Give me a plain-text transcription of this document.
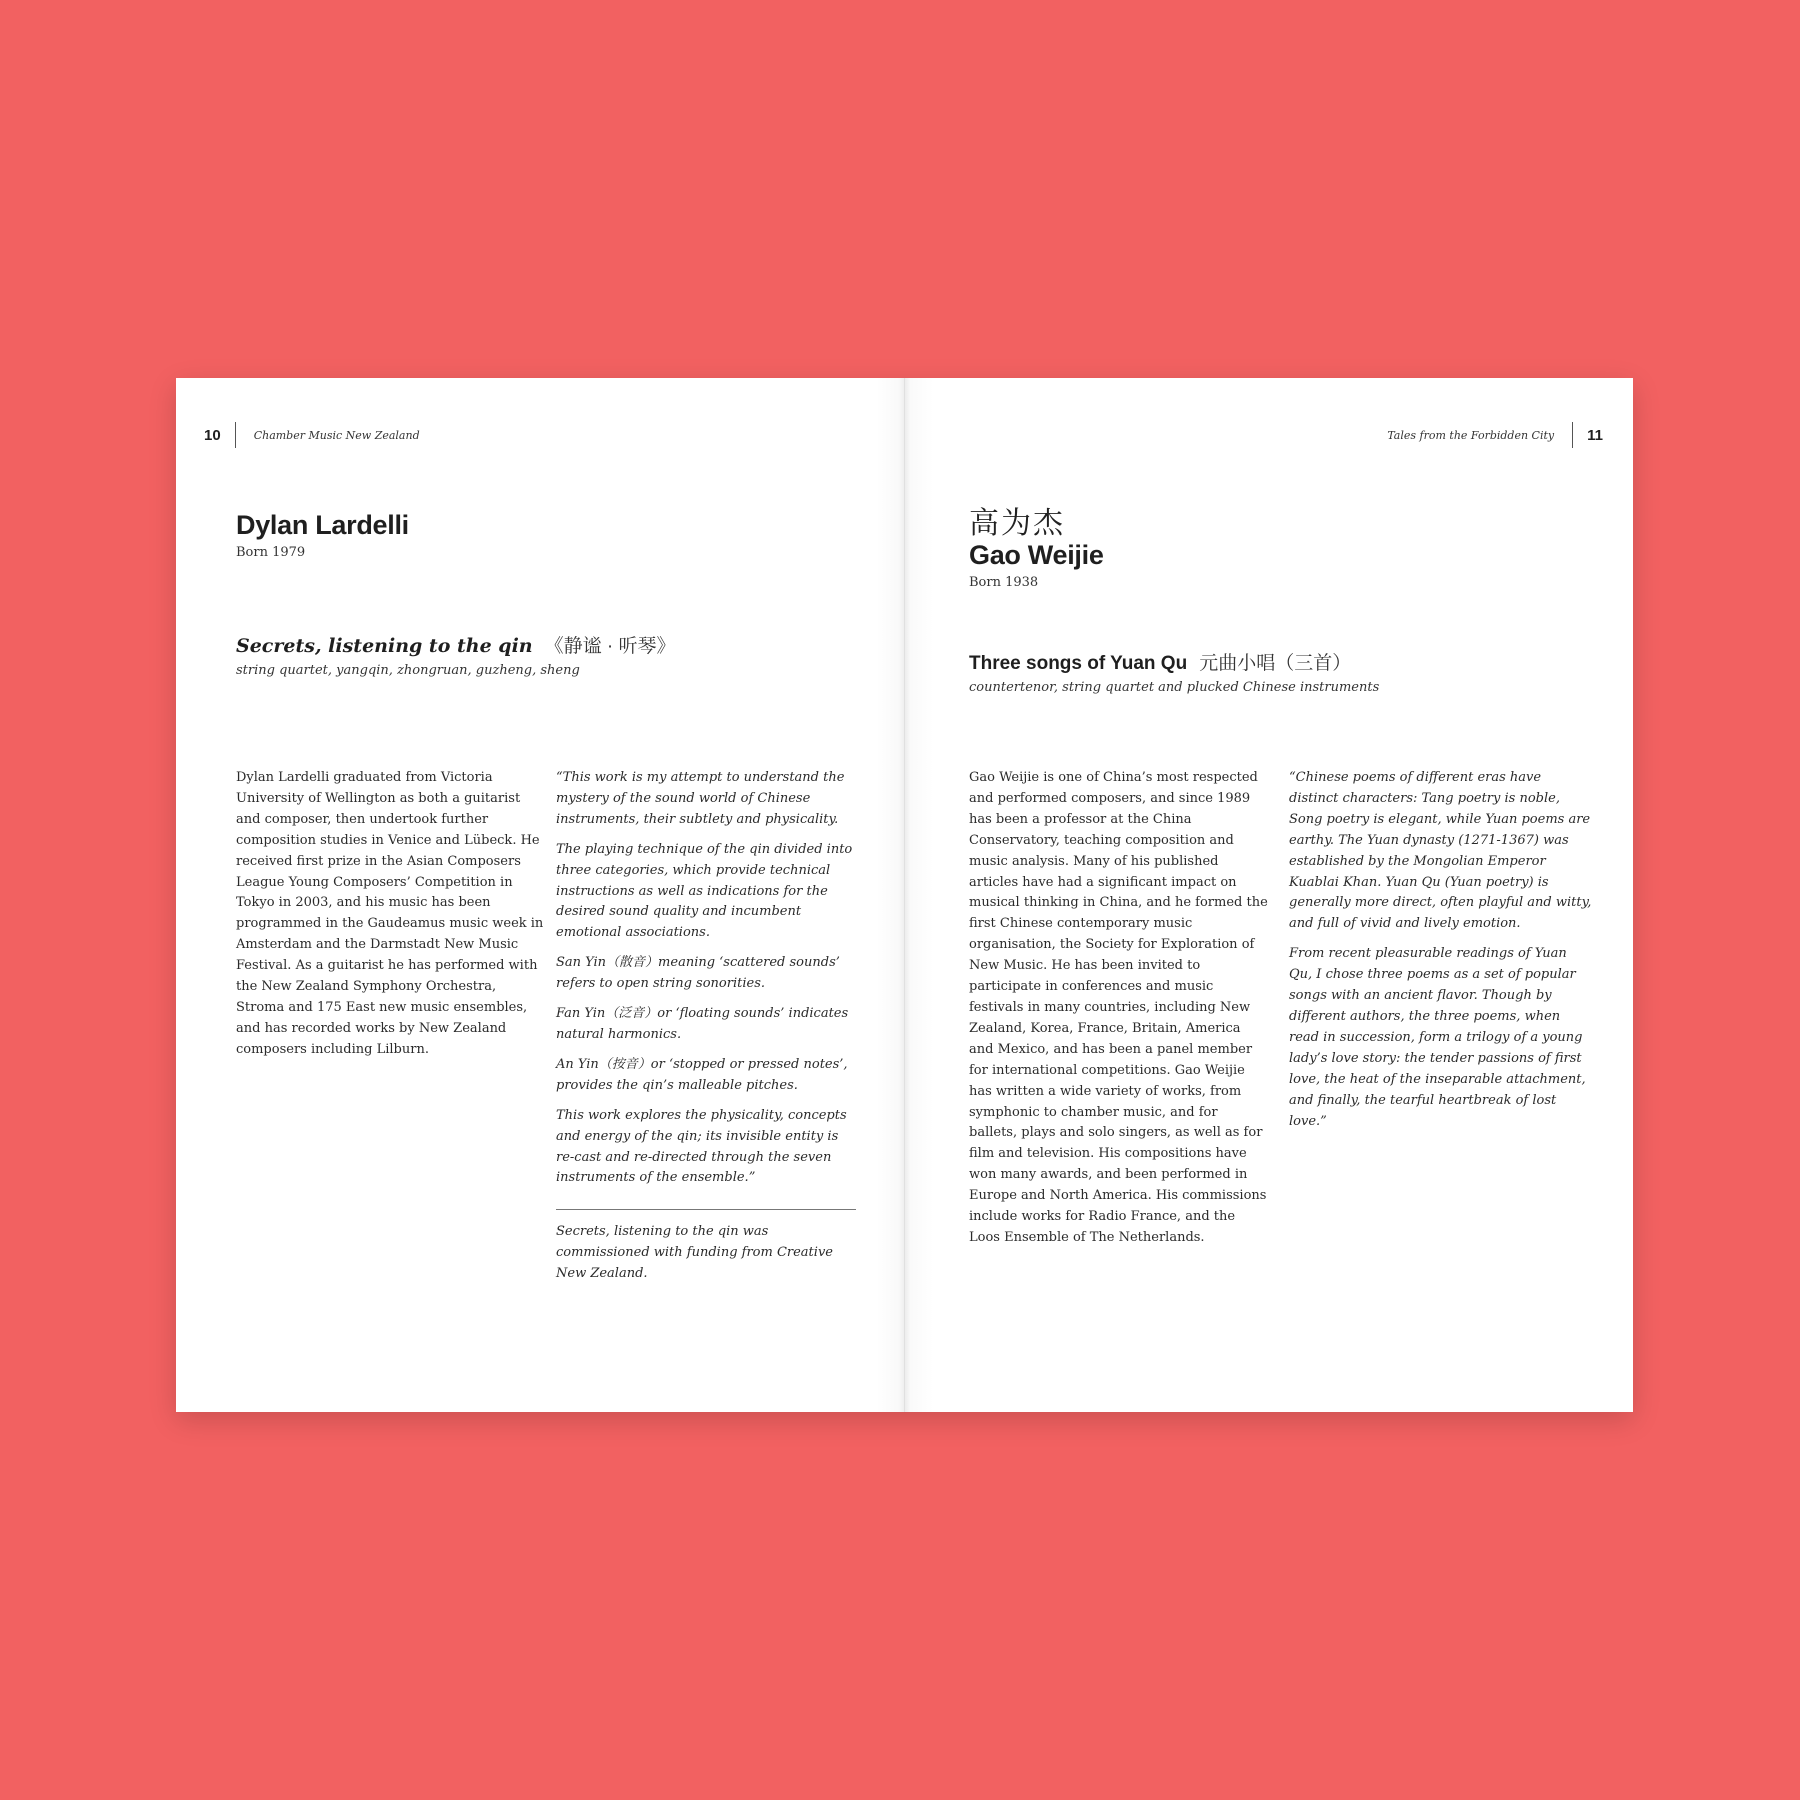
10	Chamber Music New Zealand
Dylan Lardelli
Born 1979
Secrets, listening to the qin 《静谧 · 听琴》
string quartet, yangqin, zhongruan, guzheng, sheng

Dylan Lardelli graduated from Victoria University of Wellington as both a guitarist and composer, then undertook further composition studies in Venice and Lübeck. He received first prize in the Asian Composers League Young Composers’ Competition in Tokyo in 2003, and his music has been programmed in the Gaudeamus music week in Amsterdam and the Darmstadt New Music Festival. As a guitarist he has performed with the New Zealand Symphony Orchestra, Stroma and 175 East new music ensembles, and has recorded works by New Zealand composers including Lilburn.

“This work is my attempt to understand the mystery of the sound world of Chinese instruments, their subtlety and physicality.

The playing technique of the qin divided into three categories, which provide technical instructions as well as indications for the desired sound quality and incumbent emotional associations.

San Yin（散音）meaning ‘scattered sounds’ refers to open string sonorities.

Fan Yin（泛音）or ‘floating sounds’ indicates natural harmonics.

An Yin（按音）or ‘stopped or pressed notes’, provides the qin’s malleable pitches.

This work explores the physicality, concepts and energy of the qin; its invisible entity is re-cast and re-directed through the seven instruments of the ensemble.”

Secrets, listening to the qin was commissioned with funding from Creative New Zealand.

Tales from the Forbidden City 11
高为杰
Gao Weijie
Born 1938
Three songs of Yuan Qu 元曲小唱（三首）
countertenor, string quartet and plucked Chinese instruments

Gao Weijie is one of China’s most respected and performed composers, and since 1989 has been a professor at the China Conservatory, teaching composition and music analysis. Many of his published articles have had a significant impact on musical thinking in China, and he formed the first Chinese contemporary music organisation, the Society for Exploration of New Music. He has been invited to participate in conferences and music festivals in many countries, including New Zealand, Korea, France, Britain, America and Mexico, and has been a panel member for international competitions. Gao Weijie has written a wide variety of works, from symphonic to chamber music, and for ballets, plays and solo singers, as well as for film and television. His compositions have won many awards, and been performed in Europe and North America. His commissions include works for Radio France, and the Loos Ensemble of The Netherlands.

“Chinese poems of different eras have distinct characters: Tang poetry is noble, Song poetry is elegant, while Yuan poems are earthy. The Yuan dynasty (1271-1367) was established by the Mongolian Emperor Kuablai Khan. Yuan Qu (Yuan poetry) is generally more direct, often playful and witty, and full of vivid and lively emotion.

From recent pleasurable readings of Yuan Qu, I chose three poems as a set of popular songs with an ancient flavor. Though by different authors, the three poems, when read in succession, form a trilogy of a young lady’s love story: the tender passions of first love, the heat of the inseparable attachment, and finally, the tearful heartbreak of lost love.”
